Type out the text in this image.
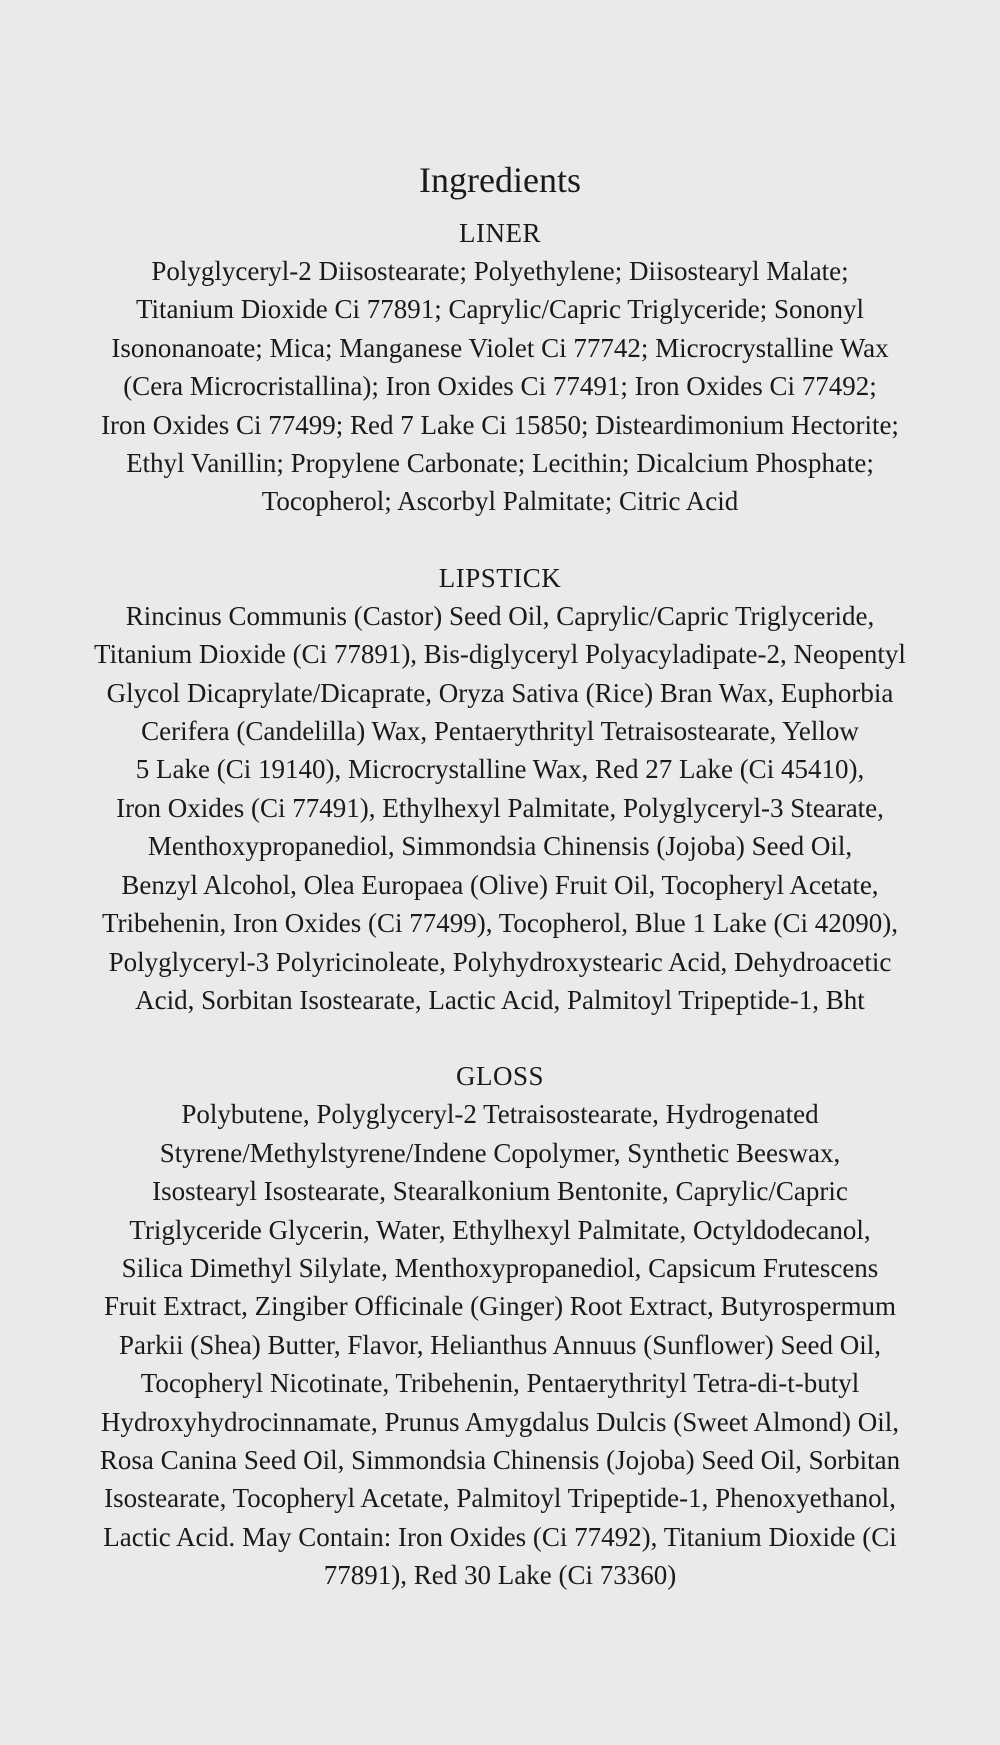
Ingredients
LINER
Polyglyceryl-2 Diisostearate; Polyethylene; Diisostearyl Malate;
Titanium Dioxide Ci 77891; Caprylic/Capric Triglyceride; Sononyl
Isononanoate; Mica; Manganese Violet Ci 77742; Microcrystalline Wax
(Cera Microcristallina); Iron Oxides Ci 77491; Iron Oxides Ci 77492;
Iron Oxides Ci 77499; Red 7 Lake Ci 15850; Disteardimonium Hectorite;
Ethyl Vanillin; Propylene Carbonate; Lecithin; Dicalcium Phosphate;
Tocopherol; Ascorbyl Palmitate; Citric Acid
LIPSTICK
Rincinus Communis (Castor) Seed Oil, Caprylic/Capric Triglyceride,
Titanium Dioxide (Ci 77891), Bis-diglyceryl Polyacyladipate-2, Neopentyl
Glycol Dicaprylate/Dicaprate, Oryza Sativa (Rice) Bran Wax, Euphorbia
Cerifera (Candelilla) Wax, Pentaerythrityl Tetraisostearate, Yellow
5 Lake (Ci 19140), Microcrystalline Wax, Red 27 Lake (Ci 45410),
Iron Oxides (Ci 77491), Ethylhexyl Palmitate, Polyglyceryl-3 Stearate,
Menthoxypropanediol, Simmondsia Chinensis (Jojoba) Seed Oil,
Benzyl Alcohol, Olea Europaea (Olive) Fruit Oil, Tocopheryl Acetate,
Tribehenin, Iron Oxides (Ci 77499), Tocopherol, Blue 1 Lake (Ci 42090),
Polyglyceryl-3 Polyricinoleate, Polyhydroxystearic Acid, Dehydroacetic
Acid, Sorbitan Isostearate, Lactic Acid, Palmitoyl Tripeptide-1, Bht
GLOSS
Polybutene, Polyglyceryl-2 Tetraisostearate, Hydrogenated
Styrene/Methylstyrene/Indene Copolymer, Synthetic Beeswax,
Isostearyl Isostearate, Stearalkonium Bentonite, Caprylic/Capric
Triglyceride Glycerin, Water, Ethylhexyl Palmitate, Octyldodecanol,
Silica Dimethyl Silylate, Menthoxypropanediol, Capsicum Frutescens
Fruit Extract, Zingiber Officinale (Ginger) Root Extract, Butyrospermum
Parkii (Shea) Butter, Flavor, Helianthus Annuus (Sunflower) Seed Oil,
Tocopheryl Nicotinate, Tribehenin, Pentaerythrityl Tetra-di-t-butyl
Hydroxyhydrocinnamate, Prunus Amygdalus Dulcis (Sweet Almond) Oil,
Rosa Canina Seed Oil, Simmondsia Chinensis (Jojoba) Seed Oil, Sorbitan
Isostearate, Tocopheryl Acetate, Palmitoyl Tripeptide-1, Phenoxyethanol,
Lactic Acid. May Contain: Iron Oxides (Ci 77492), Titanium Dioxide (Ci
77891), Red 30 Lake (Ci 73360)
